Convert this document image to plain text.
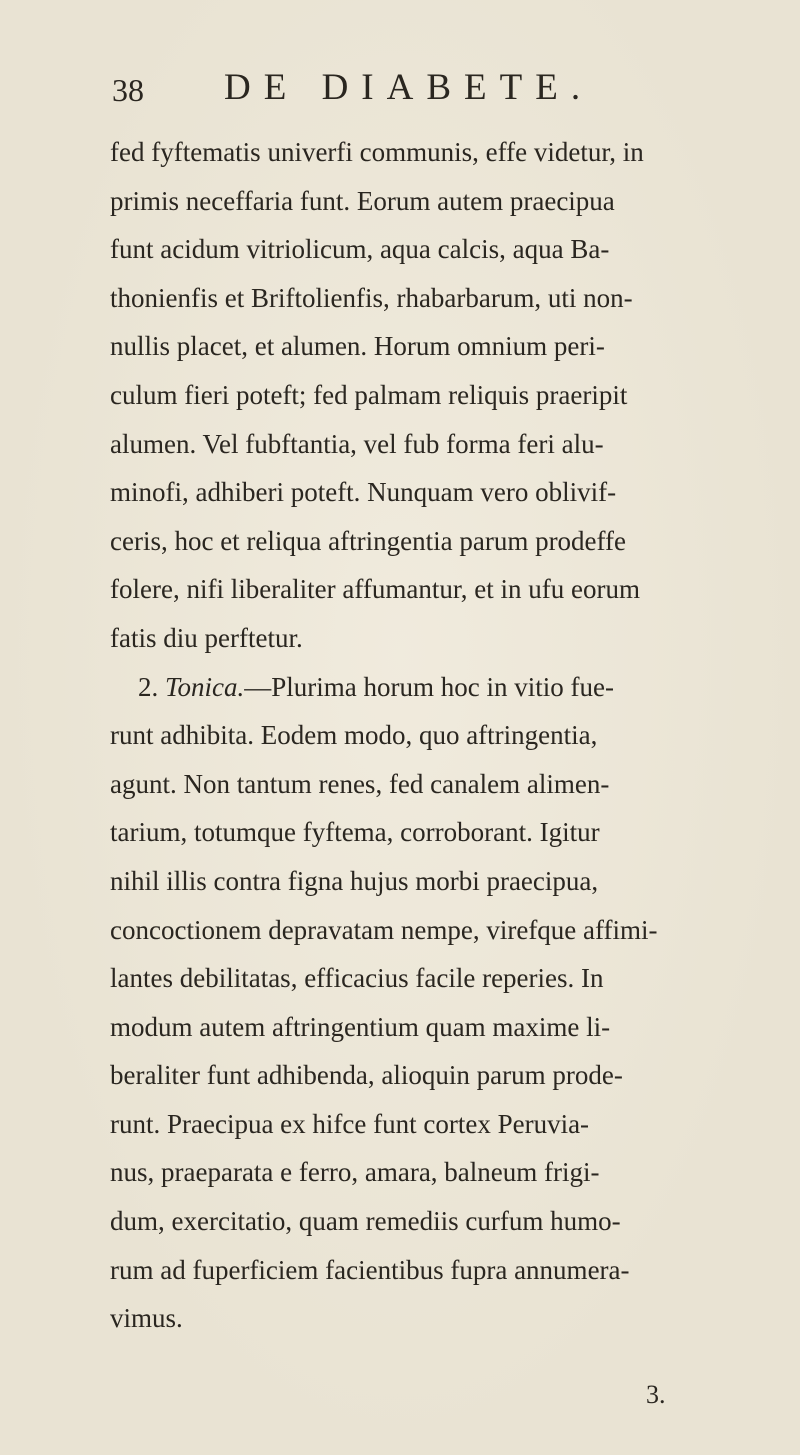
38 DE DIABETE.
fed fyftematis univerfi communis, effe videtur, in
primis neceffaria funt. Eorum autem praecipua
funt acidum vitriolicum, aqua calcis, aqua Ba-
thonienfis et Briftolienfis, rhabarbarum, uti non-
nullis placet, et alumen. Horum omnium peri-
culum fieri poteft; fed palmam reliquis praeripit
alumen. Vel fubftantia, vel fub forma feri alu-
minofi, adhiberi poteft. Nunquam vero oblivif-
ceris, hoc et reliqua aftringentia parum prodeffe
folere, nifi liberaliter affumantur, et in ufu eorum
fatis diu perftetur.
2. Tonica.—Plurima horum hoc in vitio fue-
runt adhibita. Eodem modo, quo aftringentia,
agunt. Non tantum renes, fed canalem alimen-
tarium, totumque fyftema, corroborant. Igitur
nihil illis contra figna hujus morbi praecipua,
concoctionem depravatam nempe, virefque affimi-
lantes debilitatas, efficacius facile reperies. In
modum autem aftringentium quam maxime li-
beraliter funt adhibenda, alioquin parum prode-
runt. Praecipua ex hifce funt cortex Peruvia-
nus, praeparata e ferro, amara, balneum frigi-
dum, exercitatio, quam remediis curfum humo-
rum ad fuperficiem facientibus fupra annumera-
vimus.
3.
